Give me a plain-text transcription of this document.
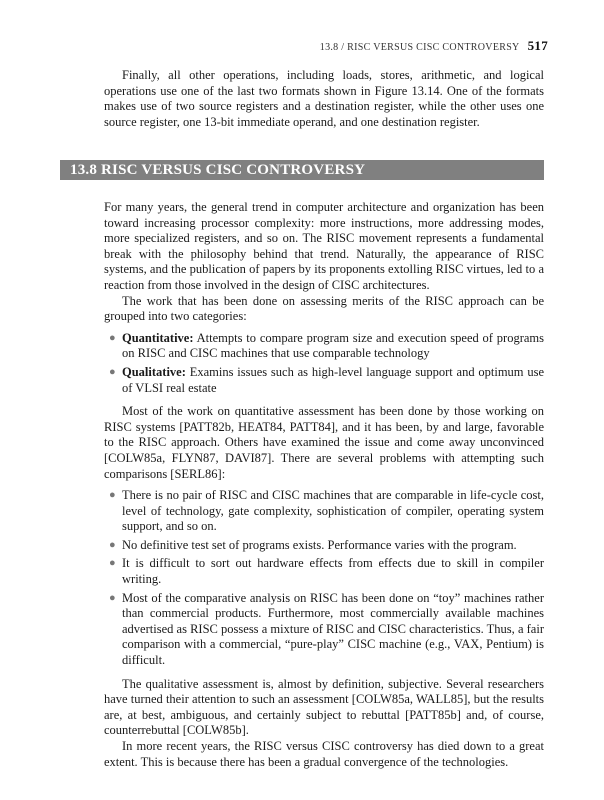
13.8 / RISC VERSUS CISC CONTROVERSY 517

Finally, all other operations, including loads, stores, arithmetic, and logical operations use one of the last two formats shown in Figure 13.14. One of the formats makes use of two source registers and a destination register, while the other uses one source register, one 13-bit immediate operand, and one destination register.

13.8 RISC VERSUS CISC CONTROVERSY

For many years, the general trend in computer architecture and organization has been toward increasing processor complexity: more instructions, more addressing modes, more specialized registers, and so on. The RISC movement represents a fundamental break with the philosophy behind that trend. Naturally, the appearance of RISC systems, and the publication of papers by its proponents extolling RISC virtues, led to a reaction from those involved in the design of CISC architectures.

The work that has been done on assessing merits of the RISC approach can be grouped into two categories:

● Quantitative: Attempts to compare program size and execution speed of programs on RISC and CISC machines that use comparable technology
● Qualitative: Examins issues such as high-level language support and optimum use of VLSI real estate

Most of the work on quantitative assessment has been done by those working on RISC systems [PATT82b, HEAT84, PATT84], and it has been, by and large, favorable to the RISC approach. Others have examined the issue and come away unconvinced [COLW85a, FLYN87, DAVI87]. There are several problems with attempting such comparisons [SERL86]:

● There is no pair of RISC and CISC machines that are comparable in life-cycle cost, level of technology, gate complexity, sophistication of compiler, operating system support, and so on.
● No definitive test set of programs exists. Performance varies with the program.
● It is difficult to sort out hardware effects from effects due to skill in compiler writing.
● Most of the comparative analysis on RISC has been done on “toy” machines rather than commercial products. Furthermore, most commercially available machines advertised as RISC possess a mixture of RISC and CISC characteristics. Thus, a fair comparison with a commercial, “pure-play” CISC machine (e.g., VAX, Pentium) is difficult.

The qualitative assessment is, almost by definition, subjective. Several researchers have turned their attention to such an assessment [COLW85a, WALL85], but the results are, at best, ambiguous, and certainly subject to rebuttal [PATT85b] and, of course, counterrebuttal [COLW85b].

In more recent years, the RISC versus CISC controversy has died down to a great extent. This is because there has been a gradual convergence of the technologies.
